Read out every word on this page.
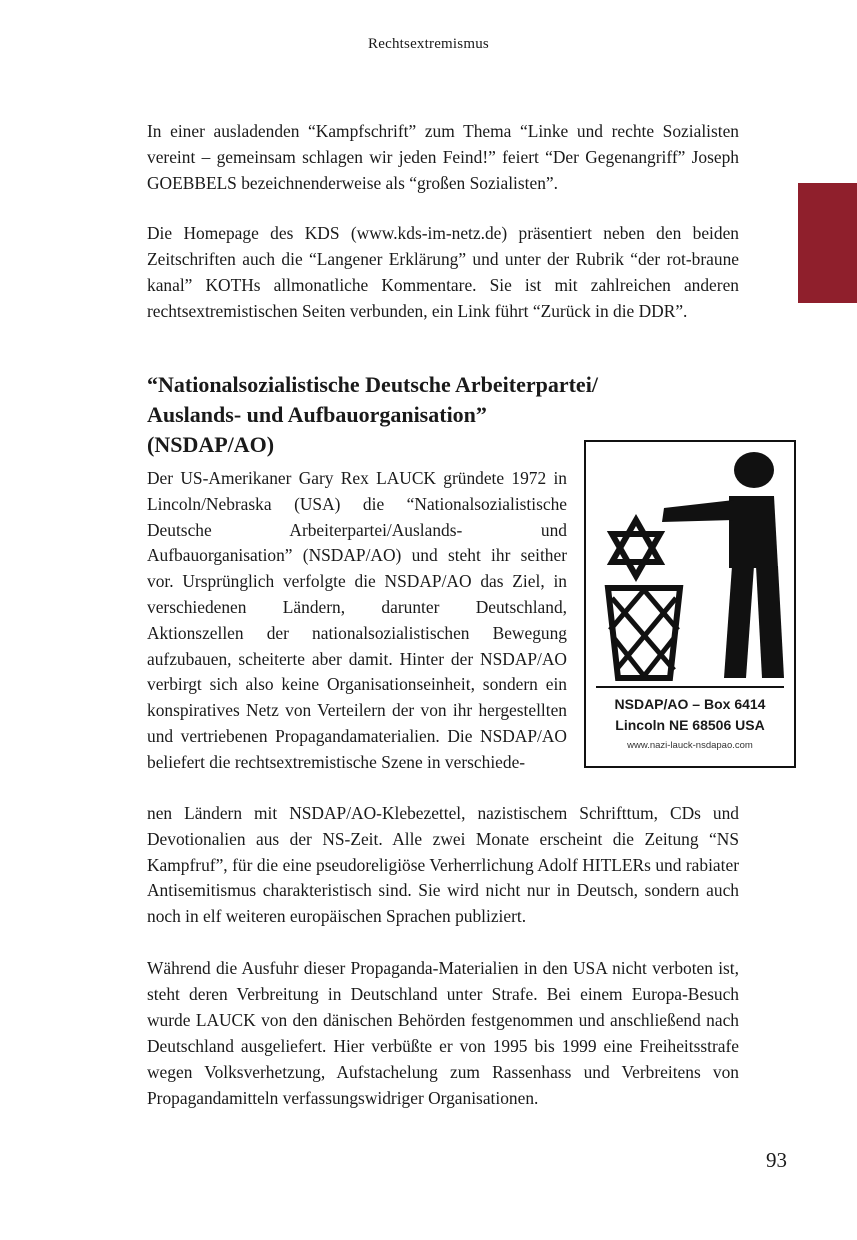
Rechtsextremismus

In einer ausladenden “Kampfschrift” zum Thema “Linke und rechte Sozialisten vereint – gemeinsam schlagen wir jeden Feind!” feiert “Der Gegenangriff” Joseph GOEBBELS bezeichnenderweise als “großen Sozialisten”.

Die Homepage des KDS (www.kds-im-netz.de) präsentiert neben den beiden Zeitschriften auch die “Langener Erklärung” und unter der Rubrik “der rot-braune kanal” KOTHs allmonatliche Kommentare. Sie ist mit zahlreichen anderen rechtsextremistischen Seiten verbunden, ein Link führt “Zurück in die DDR”.

“Nationalsozialistische Deutsche Arbeiterpartei/
Auslands- und Aufbauorganisation”
(NSDAP/AO)
NSDAP/AO – Box 6414
Lincoln NE 68506 USA
www.nazi-lauck-nsdapao.com

Der US-Amerikaner Gary Rex LAUCK gründete 1972 in Lincoln/Nebraska (USA) die “Nationalsozialistische Deutsche Arbeiterpartei/Auslands- und Aufbauorganisation” (NSDAP/AO) und steht ihr seither vor. Ursprünglich verfolgte die NSDAP/AO das Ziel, in verschiedenen Ländern, darunter Deutschland, Aktionszellen der nationalsozialistischen Bewegung aufzubauen, scheiterte aber damit. Hinter der NSDAP/AO verbirgt sich also keine Organisationseinheit, sondern ein konspiratives Netz von Verteilern der von ihr hergestellten und vertriebenen Propagandamaterialien. Die NSDAP/AO beliefert die rechtsextremistische Szene in verschiede-

nen Ländern mit NSDAP/AO-Klebezettel, nazistischem Schrifttum, CDs und Devotionalien aus der NS-Zeit. Alle zwei Monate erscheint die Zeitung “NS Kampfruf”, für die eine pseudoreligiöse Verherrlichung Adolf HITLERs und rabiater Antisemitismus charakteristisch sind. Sie wird nicht nur in Deutsch, sondern auch noch in elf weiteren europäischen Sprachen publiziert.

Während die Ausfuhr dieser Propaganda-Materialien in den USA nicht verboten ist, steht deren Verbreitung in Deutschland unter Strafe. Bei einem Europa-Besuch wurde LAUCK von den dänischen Behörden festgenommen und anschließend nach Deutschland ausgeliefert. Hier verbüßte er von 1995 bis 1999 eine Freiheitsstrafe wegen Volksverhetzung, Aufstachelung zum Rassenhass und Verbreitens von Propagandamitteln verfassungswidriger Organisationen.

93
